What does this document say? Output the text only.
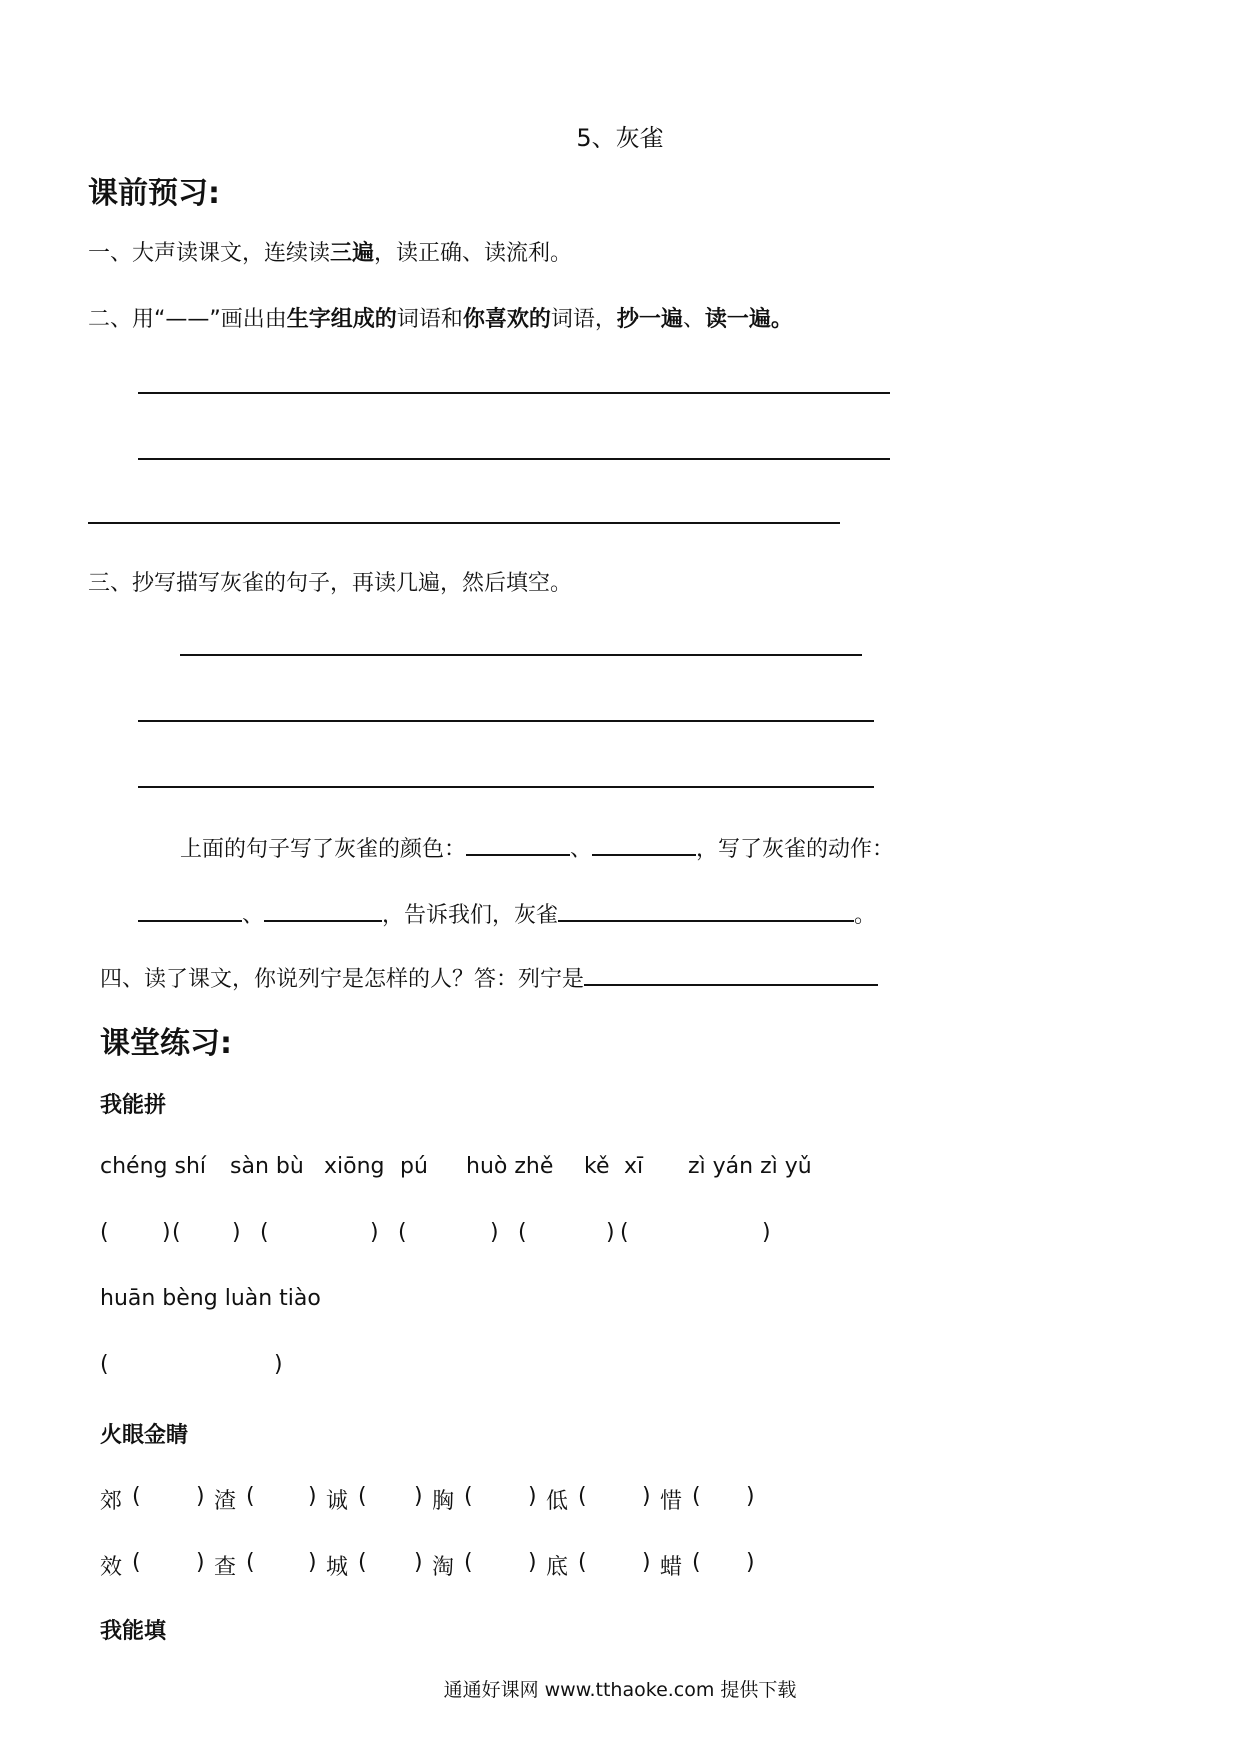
5、灰雀
课前预习:
一、大声读课文，连续读三遍，读正确、读流利。
二、用“——”画出由生字组成的词语和你喜欢的词语，抄一遍、读一遍。
三、抄写描写灰雀的句子，再读几遍，然后填空。
上面的句子写了灰雀的颜色：	、	，写了灰雀的动作：
、	，告诉我们，灰雀	。
四、读了课文，你说列宁是怎样的人？答：列宁是
课堂练习:
我能拼
chéng shí sàn bù xiōng pú huò zhě kě xī zì yán zì yǔ
( ) ( ) (	) (	) (	) (	)
huān bèng luàn tiào
(	)
火眼金睛
郊 (	) 渣 ( ) 诚 ( ) 胸 (	) 低 (	) 惜 ( )
效 (	) 查 ( ) 城 ( ) 淘 (	) 底 (	) 蜡 ( )
我能填
通通好课网 www.tthaoke.com 提供下载
